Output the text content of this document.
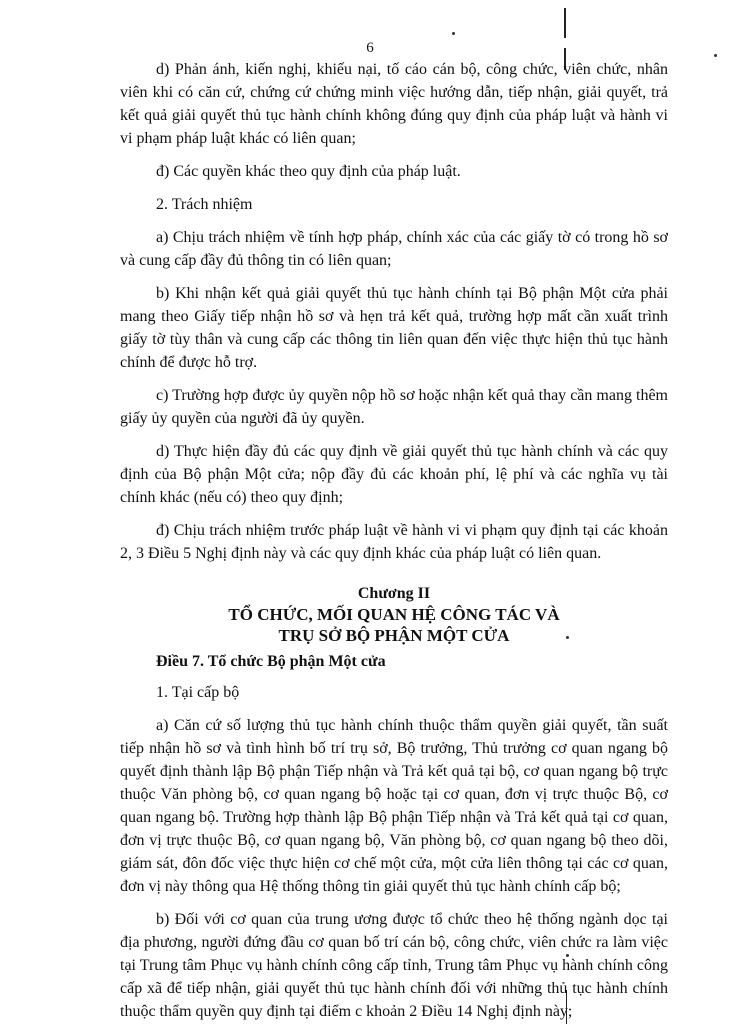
6

d) Phản ánh, kiến nghị, khiếu nại, tố cáo cán bộ, công chức, viên chức, nhân viên khi có căn cứ, chứng cứ chứng minh việc hướng dẫn, tiếp nhận, giải quyết, trả kết quả giải quyết thủ tục hành chính không đúng quy định của pháp luật và hành vi vi phạm pháp luật khác có liên quan;

đ) Các quyền khác theo quy định của pháp luật.

2. Trách nhiệm

a) Chịu trách nhiệm về tính hợp pháp, chính xác của các giấy tờ có trong hồ sơ và cung cấp đầy đủ thông tin có liên quan;

b) Khi nhận kết quả giải quyết thủ tục hành chính tại Bộ phận Một cửa phải mang theo Giấy tiếp nhận hồ sơ và hẹn trả kết quả, trường hợp mất cần xuất trình giấy tờ tùy thân và cung cấp các thông tin liên quan đến việc thực hiện thủ tục hành chính để được hỗ trợ.

c) Trường hợp được ủy quyền nộp hồ sơ hoặc nhận kết quả thay cần mang thêm giấy ủy quyền của người đã ủy quyền.

d) Thực hiện đầy đủ các quy định về giải quyết thủ tục hành chính và các quy định của Bộ phận Một cửa; nộp đầy đủ các khoản phí, lệ phí và các nghĩa vụ tài chính khác (nếu có) theo quy định;

đ) Chịu trách nhiệm trước pháp luật về hành vi vi phạm quy định tại các khoản 2, 3 Điều 5 Nghị định này và các quy định khác của pháp luật có liên quan.

Chương II
TỔ CHỨC, MỐI QUAN HỆ CÔNG TÁC VÀ
TRỤ SỞ BỘ PHẬN MỘT CỬA

Điều 7. Tổ chức Bộ phận Một cửa

1. Tại cấp bộ

a) Căn cứ số lượng thủ tục hành chính thuộc thẩm quyền giải quyết, tần suất tiếp nhận hồ sơ và tình hình bố trí trụ sở, Bộ trưởng, Thủ trưởng cơ quan ngang bộ quyết định thành lập Bộ phận Tiếp nhận và Trả kết quả tại bộ, cơ quan ngang bộ trực thuộc Văn phòng bộ, cơ quan ngang bộ hoặc tại cơ quan, đơn vị trực thuộc Bộ, cơ quan ngang bộ. Trường hợp thành lập Bộ phận Tiếp nhận và Trả kết quả tại cơ quan, đơn vị trực thuộc Bộ, cơ quan ngang bộ, Văn phòng bộ, cơ quan ngang bộ theo dõi, giám sát, đôn đốc việc thực hiện cơ chế một cửa, một cửa liên thông tại các cơ quan, đơn vị này thông qua Hệ thống thông tin giải quyết thủ tục hành chính cấp bộ;

b) Đối với cơ quan của trung ương được tổ chức theo hệ thống ngành dọc tại địa phương, người đứng đầu cơ quan bố trí cán bộ, công chức, viên chức ra làm việc tại Trung tâm Phục vụ hành chính công cấp tỉnh, Trung tâm Phục vụ hành chính công cấp xã để tiếp nhận, giải quyết thủ tục hành chính đối với những thủ tục hành chính thuộc thẩm quyền quy định tại điểm c khoản 2 Điều 14 Nghị định này;
